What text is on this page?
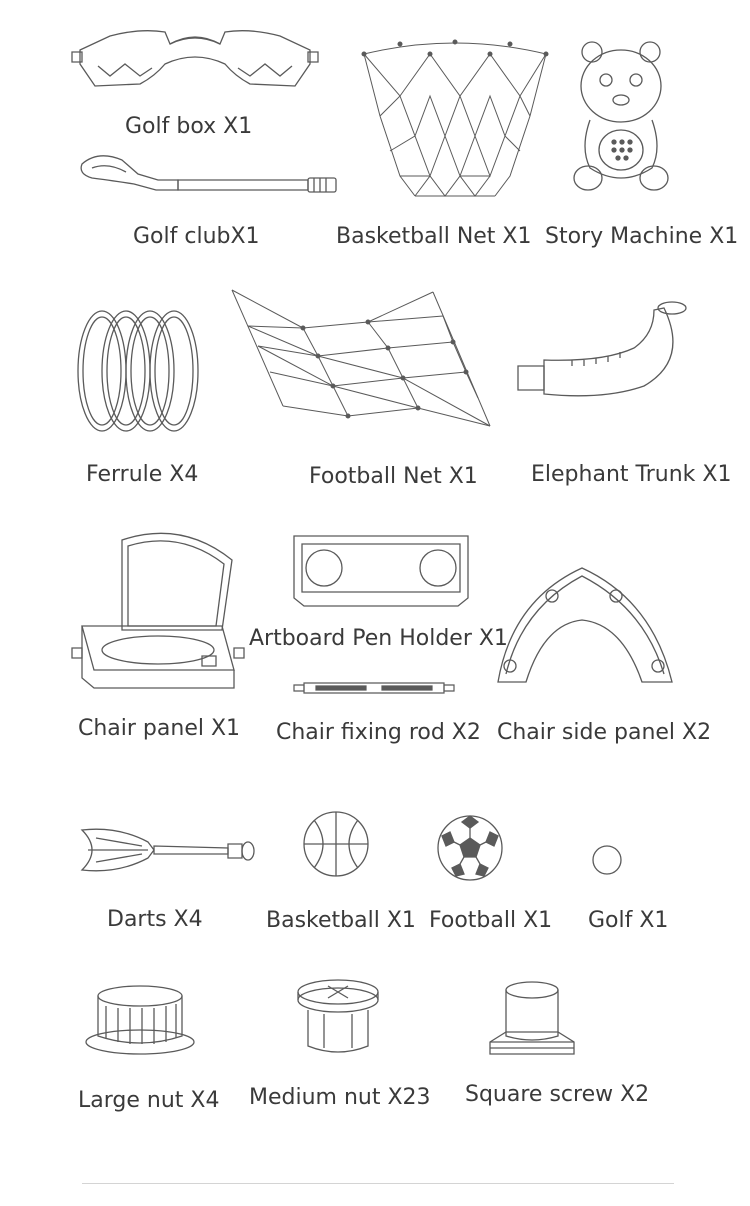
Golf box X1
Golf clubX1	Basketball Net X1 Story Machine X1
Ferrule X4	Football Net X1 Elephant Trunk X1
Chair panel X1
Artboard Pen Holder X1
Chair fixing rod X2 Chair side panel X2
Darts X4	Basketball X1 Football X1 Golf X1
Large nut X4 Medium nut X23 Square screw X2
